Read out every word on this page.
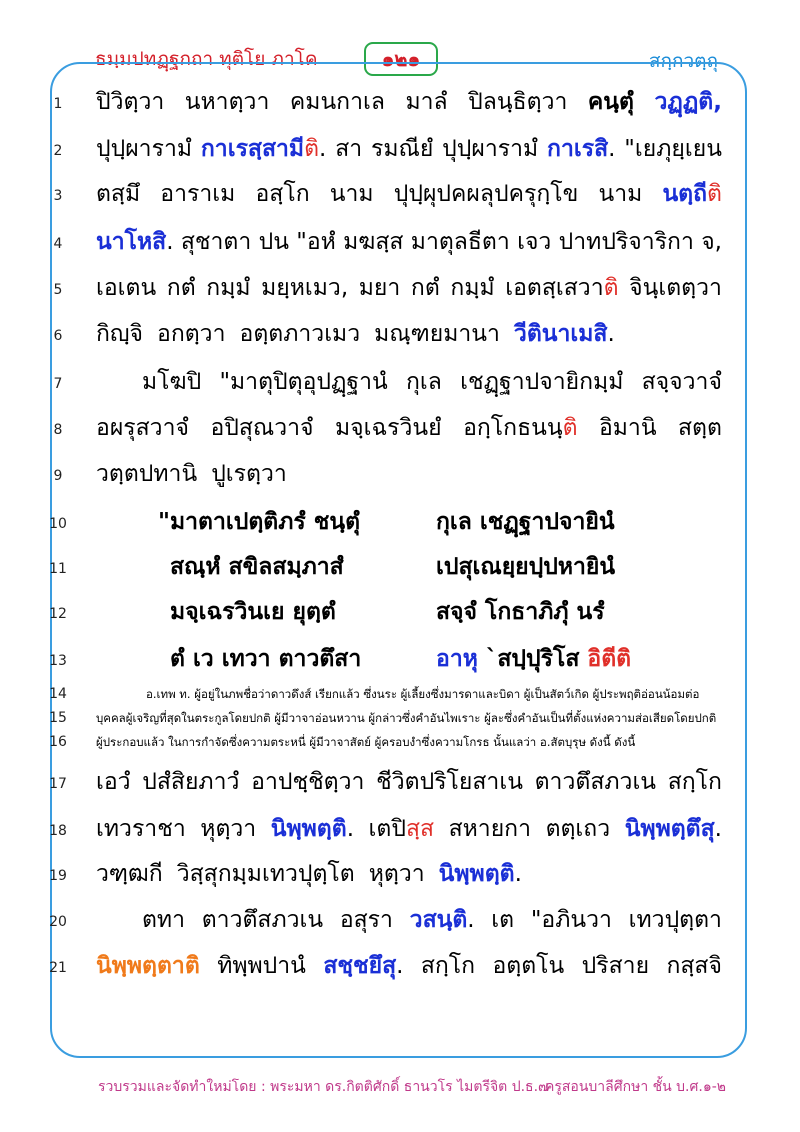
ธมฺมปทฏฺฐกถา ทุติโย ภาโค	๑๒๑	สกฺกวตฺถุ
1	ปิวิตฺวา นหาตฺวา คมนกาเล มาลํ ปิลนฺธิตฺวา คนฺตุํ วฏฺฏติ,
2	ปุปฺผารามํ กาเรสฺสามีติ. สา รมณียํ ปุปฺผารามํ กาเรสิ. "เยภุยฺเยน
3	ตสฺมึ อาราเม อสฺโก นาม ปุปฺผุปคผลุปครุกฺโข นาม นตฺถีติ
4	นาโหสิ. สุชาตา ปน "อหํ มฆสฺส มาตุลธีตา เจว ปาทปริจาริกา จ,
5	เอเตน กตํ กมฺมํ มยฺหเมว, มยา กตํ กมฺมํ เอตสฺเสวาติ จินฺเตตฺวา
6	กิญฺจิ อกตฺวา อตฺตภาวเมว มณฺฑยมานา วีตินาเมสิ.
7	มโฆปิ "มาตุปิตุอุปฏฺฐานํ กุเล เชฏฺฐาปจายิกมฺมํ สจฺจวาจํ
8	อผรุสวาจํ อปิสุณวาจํ มจฺเฉรวินยํ อกฺโกธนนฺติ อิมานิ สตฺต
9	วตฺตปทานิ ปูเรตฺวา
10	"มาตาเปตฺติภรํ ชนฺตุํ	กุเล เชฏฺฐาปจายินํ
11	สณฺหํ สขิลสมฺภาสํ	เปสุเณยฺยปฺปหายินํ
12	มจฺเฉรวินเย ยุตฺตํ	สจฺจํ โกธาภิภุํ นรํ
13	ตํ เว เทวา ตาวตึสา	อาหุ `สปฺปุริโส อิตีติ
14	อ.เทพ ท. ผู้อยู่ในภพชื่อว่าดาวดึงส์ เรียกแล้ว ซึ่งนระ ผู้เลี้ยงซึ่งมารดาและบิดา ผู้เป็นสัตว์เกิด ผู้ประพฤติอ่อนน้อมต่อ
15	บุคคลผู้เจริญที่สุดในตระกูลโดยปกติ ผู้มีวาจาอ่อนหวาน ผู้กล่าวซึ่งคำอันไพเราะ ผู้ละซึ่งคำอันเป็นที่ตั้งแห่งความส่อเสียดโดยปกติ
16	ผู้ประกอบแล้ว ในการกำจัดซึ่งความตระหนี่ ผู้มีวาจาสัตย์ ผู้ครอบงำซึ่งความโกรธ นั้นแลว่า อ.สัตบุรุษ ดังนี้ ดังนี้
17	เอวํ ปสํสิยภาวํ อาปชฺชิตฺวา ชีวิตปริโยสาเน ตาวตึสภวเน สกฺโก
18	เทวราชา หุตฺวา นิพฺพตฺติ. เตปิสฺส สหายกา ตตฺเถว นิพฺพตฺตึสุ.
19	วฑฺฒกี วิสฺสุกมฺมเทวปุตฺโต หุตฺวา นิพฺพตฺติ.
20	ตทา ตาวตึสภวเน อสุรา วสนฺติ. เต "อภินวา เทวปุตฺตา
21	นิพฺพตฺตาติ ทิพฺพปานํ สชฺชยึสุ. สกฺโก อตฺตโน ปริสาย กสฺสจิ
รวบรวมและจัดทำใหม่โดย : พระมหา ดร.กิตติศักดิ์ ธานวโร ไมตรีจิต ป.ธ.๗
ครูสอนบาลีศึกษา ชั้น บ.ศ.๑-๒
